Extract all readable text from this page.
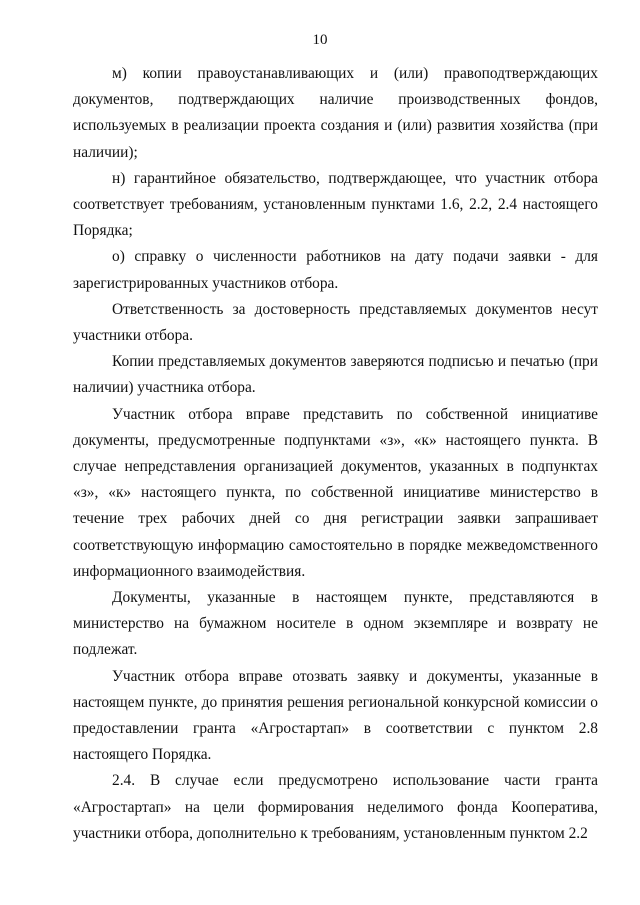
10

м) копии правоустанавливающих и (или) правоподтверждающих документов, подтверждающих наличие производственных фондов, используемых в реализации проекта создания и (или) развития хозяйства (при наличии);

н) гарантийное обязательство, подтверждающее, что участник отбора соответствует требованиям, установленным пунктами 1.6, 2.2, 2.4 настоящего Порядка;

о) справку о численности работников на дату подачи заявки - для зарегистрированных участников отбора.

Ответственность за достоверность представляемых документов несут участники отбора.

Копии представляемых документов заверяются подписью и печатью (при наличии) участника отбора.

Участник отбора вправе представить по собственной инициативе документы, предусмотренные подпунктами «з», «к» настоящего пункта. В случае непредставления организацией документов, указанных в подпунктах «з», «к» настоящего пункта, по собственной инициативе министерство в течение трех рабочих дней со дня регистрации заявки запрашивает соответствующую информацию самостоятельно в порядке межведомственного информационного взаимодействия.

Документы, указанные в настоящем пункте, представляются в министерство на бумажном носителе в одном экземпляре и возврату не подлежат.

Участник отбора вправе отозвать заявку и документы, указанные в настоящем пункте, до принятия решения региональной конкурсной комиссии о предоставлении гранта «Агростартап» в соответствии с пунктом 2.8 настоящего Порядка.

2.4. В случае если предусмотрено использование части гранта «Агростартап» на цели формирования неделимого фонда Кооператива, участники отбора, дополнительно к требованиям, установленным пунктом 2.2
